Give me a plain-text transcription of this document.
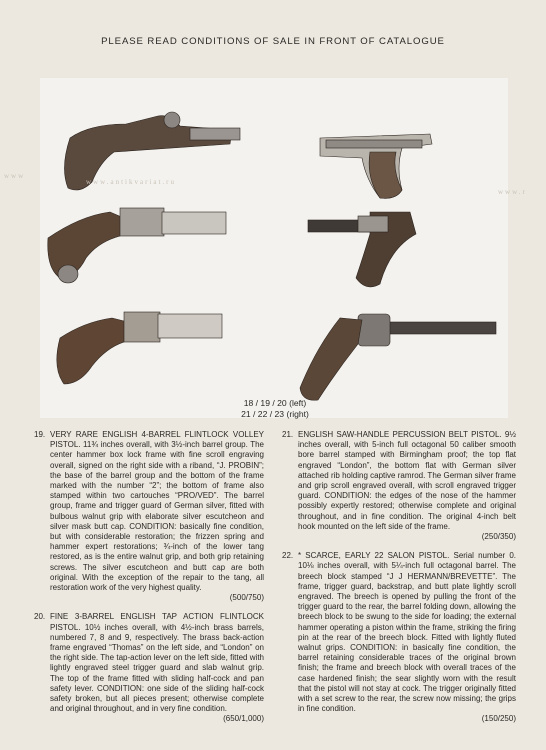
PLEASE READ CONDITIONS OF SALE IN FRONT OF CATALOGUE
www.antikvariat.ru
www
www.r
18 / 19 / 20 (left)
21 / 22 / 23 (right)
19. VERY RARE ENGLISH 4-BARREL FLINTLOCK VOLLEY PISTOL. 11¾ inches overall, with 3½-inch barrel group. The center hammer box lock frame with fine scroll engraving overall, signed on the right side with a riband, “J. PROBIN”; the base of the barrel group and the bottom of the frame marked with the number “2”; the bottom of frame also stamped within two cartouches “PRO/VED”. The barrel group, frame and trigger guard of German silver, fitted with bulbous walnut grip with elaborate silver escutcheon and silver mask butt cap. CONDITION: basically fine condition, but with considerable restoration; the frizzen spring and hammer expert restorations; ¾-inch of the lower tang restored, as is the entire walnut grip, and both grip retaining screws. The silver escutcheon and butt cap are both original. With the exception of the repair to the tang, all restoration work of the very highest quality.
(500/750)
20. FINE 3-BARREL ENGLISH TAP ACTION FLINTLOCK PISTOL. 10½ inches overall, with 4½-inch brass barrels, numbered 7, 8 and 9, respectively. The brass back-action frame engraved “Thomas” on the left side, and “London” on the right side. The tap-action lever on the left side, fitted with lightly engraved steel trigger guard and slab walnut grip. The top of the frame fitted with sliding half-cock and pan safety lever. CONDITION: one side of the sliding half-cock safety broken, but all pieces present; otherwise complete and original throughout, and in very fine condition.
(650/1,000)
21. ENGLISH SAW-HANDLE PERCUSSION BELT PISTOL. 9½ inches overall, with 5-inch full octagonal 50 caliber smooth bore barrel stamped with Birmingham proof; the top flat engraved “London”, the bottom flat with German silver attached rib holding captive ramrod. The German silver frame and grip scroll engraved overall, with scroll engraved trigger guard. CONDITION: the edges of the nose of the hammer possibly expertly restored; otherwise complete and original throughout, and in fine condition. The original 4-inch belt hook mounted on the left side of the frame.
(250/350)
22. * SCARCE, EARLY 22 SALON PISTOL. Serial number 0. 10⅛ inches overall, with 5¼-inch full octagonal barrel. The breech block stamped “J J HERMANN/BREVETTE”. The frame, trigger guard, backstrap, and butt plate lightly scroll engraved. The breech is opened by pulling the front of the trigger guard to the rear, the barrel folding down, allowing the breech block to be swung to the side for loading; the external hammer operating a piston within the frame, striking the firing pin at the rear of the breech block. Fitted with lightly fluted walnut grips. CONDITION: in basically fine condition, the barrel retaining considerable traces of the original brown finish; the frame and breech block with overall traces of the case hardened finish; the sear slightly worn with the result that the pistol will not stay at cock. The trigger originally fitted with a set screw to the rear, the screw now missing; the grips in fine condition.
(150/250)
